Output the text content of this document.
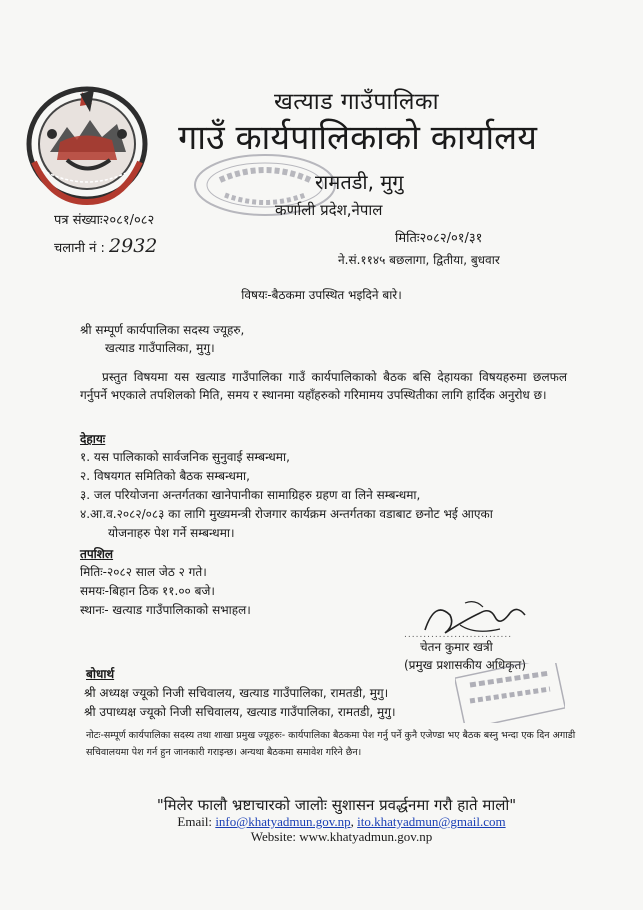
खत्याड गाउँपालिका
गाउँ कार्यपालिकाको कार्यालय
रामतडी, मुगु
कर्णाली प्रदेश,नेपाल
पत्र संख्याः२०८१/०८२
चलानी नं : 2932	मितिः२०८२/०१/३१
ने.सं.११४५ बछलागा, द्वितीया, बुधवार
विषयः-बैठकमा उपस्थित भइदिने बारे।
श्री सम्पूर्ण कार्यपालिका सदस्य ज्यूहरु,
खत्याड गाउँपालिका, मुगु।
प्रस्तुत विषयमा यस खत्याड गाउँपालिका गाउँ कार्यपालिकाको बैठक बसि देहायका विषयहरुमा छलफल गर्नुपर्ने भएकाले तपशिलको मिति, समय र स्थानमा यहाँहरुको गरिमामय उपस्थितीका लागि हार्दिक अनुरोध छ।
देहायः
१. यस पालिकाको सार्वजनिक सुनुवाई सम्बन्धमा,
२. विषयगत समितिको बैठक सम्बन्धमा,
३. जल परियोजना अन्तर्गतका खानेपानीका सामाग्रिहरु ग्रहण वा लिने सम्बन्धमा,
४.आ.व.२०८२/०८३ का लागि मुख्यमन्त्री रोजगार कार्यक्रम अन्तर्गतका वडाबाट छनोट भई आएका
योजनाहरु पेश गर्ने सम्बन्धमा।
तपशिल
मितिः-२०८२ साल जेठ २ गते।
समयः-बिहान ठिक ११.०० बजे।
स्थानः- खत्याड गाउँपालिकाको सभाहल।
............................
चेतन कुमार खत्री
(प्रमुख प्रशासकीय अधिकृत)
बोधार्थ
श्री अध्यक्ष ज्यूको निजी सचिवालय, खत्याड गाउँपालिका, रामतडी, मुगु।
श्री उपाध्यक्ष ज्यूको निजी सचिवालय, खत्याड गाउँपालिका, रामतडी, मुगु।
नोटः-सम्पूर्ण कार्यपालिका सदस्य तथा शाखा प्रमुख ज्यूहरुः- कार्यपालिका बैठकमा पेश गर्नु पर्ने कुनै एजेण्डा भए बैठक बस्नु भन्दा एक दिन अगाडी सचिवालयमा पेश गर्न हुन जानकारी गराइन्छ। अन्यथा बैठकमा समावेश गरिने छैन।
"मिलेर फालौ भ्रष्टाचारको जालोः सुशासन प्रवर्द्धनमा गरौ हाते मालो"
Email: info@khatyadmun.gov.np, ito.khatyadmun@gmail.com
Website: www.khatyadmun.gov.np
